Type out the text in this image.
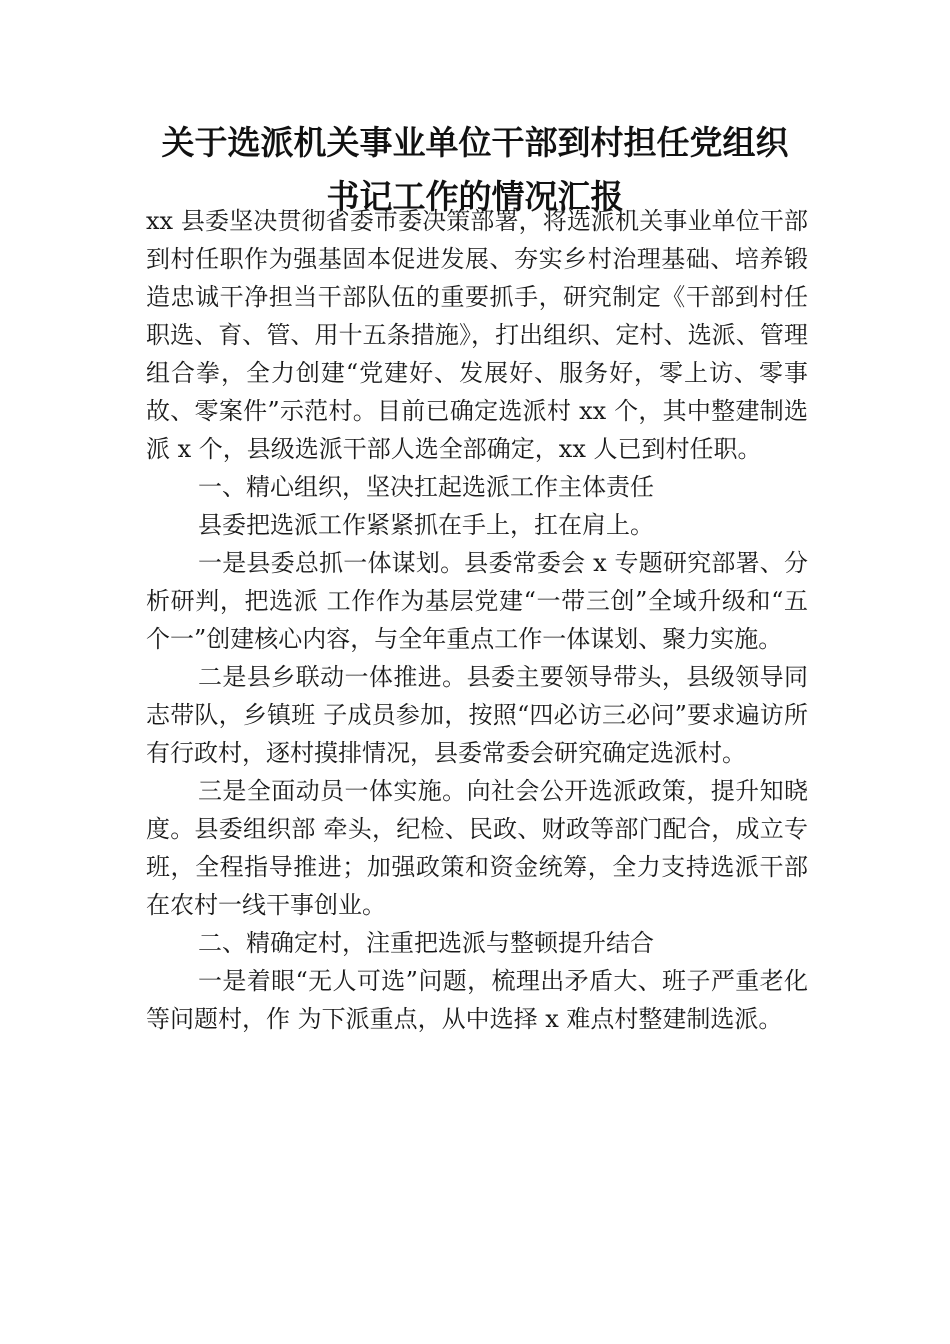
关于选派机关事业单位干部到村担任党组织
书记工作的情况汇报

xx 县委坚决贯彻省委市委决策部署，将选派机关事业单位干部到村任职作为强基固本促进发展、夯实乡村治理基础、培养锻造忠诚干净担当干部队伍的重要抓手，研究制定《干部到村任职选、育、管、用十五条措施》，打出组织、定村、选派、管理组合拳，全力创建“党建好、发展好、服务好，零上访、零事故、零案件”示范村。目前已确定选派村 xx 个，其中整建制选派 x 个，县级选派干部人选全部确定，xx 人已到村任职。

一、精心组织，坚决扛起选派工作主体责任

县委把选派工作紧紧抓在手上，扛在肩上。

一是县委总抓一体谋划。县委常委会 x 专题研究部署、分析研判，把选派 工作作为基层党建“一带三创”全域升级和“五个一”创建核心内容，与全年重点工作一体谋划、聚力实施。

二是县乡联动一体推进。县委主要领导带头，县级领导同志带队，乡镇班 子成员参加，按照“四必访三必问”要求遍访所有行政村，逐村摸排情况，县委常委会研究确定选派村。

三是全面动员一体实施。向社会公开选派政策，提升知晓度。县委组织部 牵头，纪检、民政、财政等部门配合，成立专班，全程指导推进；加强政策和资金统筹，全力支持选派干部在农村一线干事创业。

二、精确定村，注重把选派与整顿提升结合

一是着眼“无人可选”问题，梳理出矛盾大、班子严重老化等问题村，作 为下派重点，从中选择 x 难点村整建制选派。
